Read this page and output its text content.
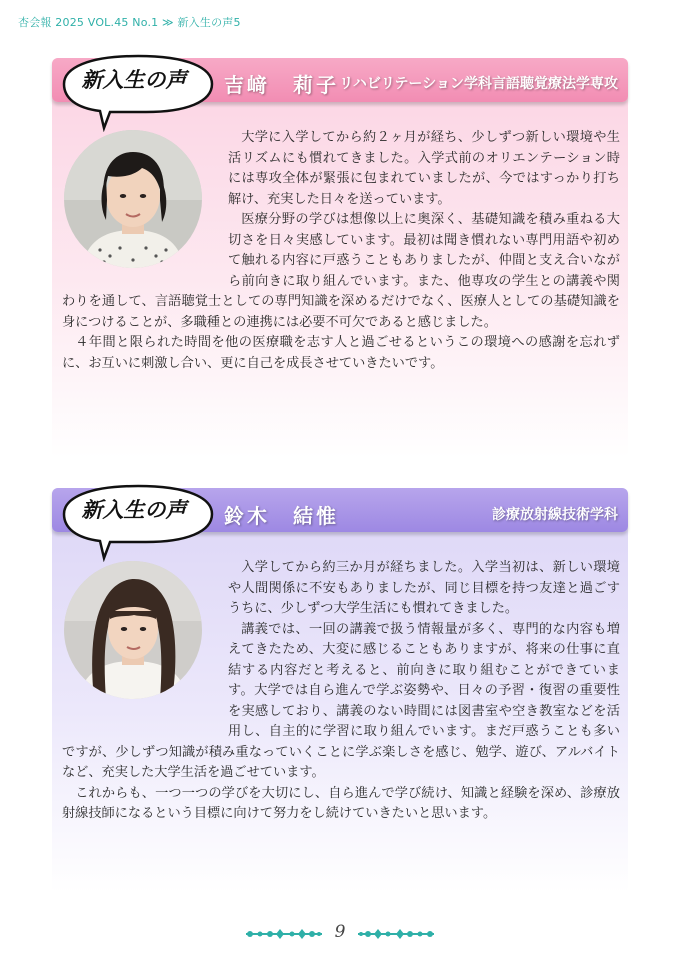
杏会報 2025 VOL.45 No.1 ≫ 新入生の声5
新入生の声	吉﨑　莉子 リハビリテーション学科言語聴覚療法学専攻

大学に入学してから約２ヶ月が経ち、少しずつ新しい環境や生活リズムにも慣れてきました。入学式前のオリエンテーション時には専攻全体が緊張に包まれていましたが、今ではすっかり打ち解け、充実した日々を送っています。

医療分野の学びは想像以上に奥深く、基礎知識を積み重ねる大切さを日々実感しています。最初は聞き慣れない専門用語や初めて触れる内容に戸惑うこともありましたが、仲間と支え合いながら前向きに取り組んでいます。また、他専攻の学生との講義や関わりを通して、言語聴覚士としての専門知識を深めるだけでなく、医療人としての基礎知識を身につけることが、多職種との連携には必要不可欠であると感じました。

４年間と限られた時間を他の医療職を志す人と過ごせるというこの環境への感謝を忘れずに、お互いに刺激し合い、更に自己を成長させていきたいです。

新入生の声	鈴木　結惟	診療放射線技術学科

入学してから約三か月が経ちました。入学当初は、新しい環境や人間関係に不安もありましたが、同じ目標を持つ友達と過ごすうちに、少しずつ大学生活にも慣れてきました。

講義では、一回の講義で扱う情報量が多く、専門的な内容も増えてきたため、大変に感じることもありますが、将来の仕事に直結する内容だと考えると、前向きに取り組むことができています。大学では自ら進んで学ぶ姿勢や、日々の予習・復習の重要性を実感しており、講義のない時間には図書室や空き教室などを活用し、自主的に学習に取り組んでいます。まだ戸惑うことも多いですが、少しずつ知識が積み重なっていくことに学ぶ楽しさを感じ、勉学、遊び、アルバイトなど、充実した大学生活を過ごせています。

これからも、一つ一つの学びを大切にし、自ら進んで学び続け、知識と経験を深め、診療放射線技師になるという目標に向けて努力をし続けていきたいと思います。

9
